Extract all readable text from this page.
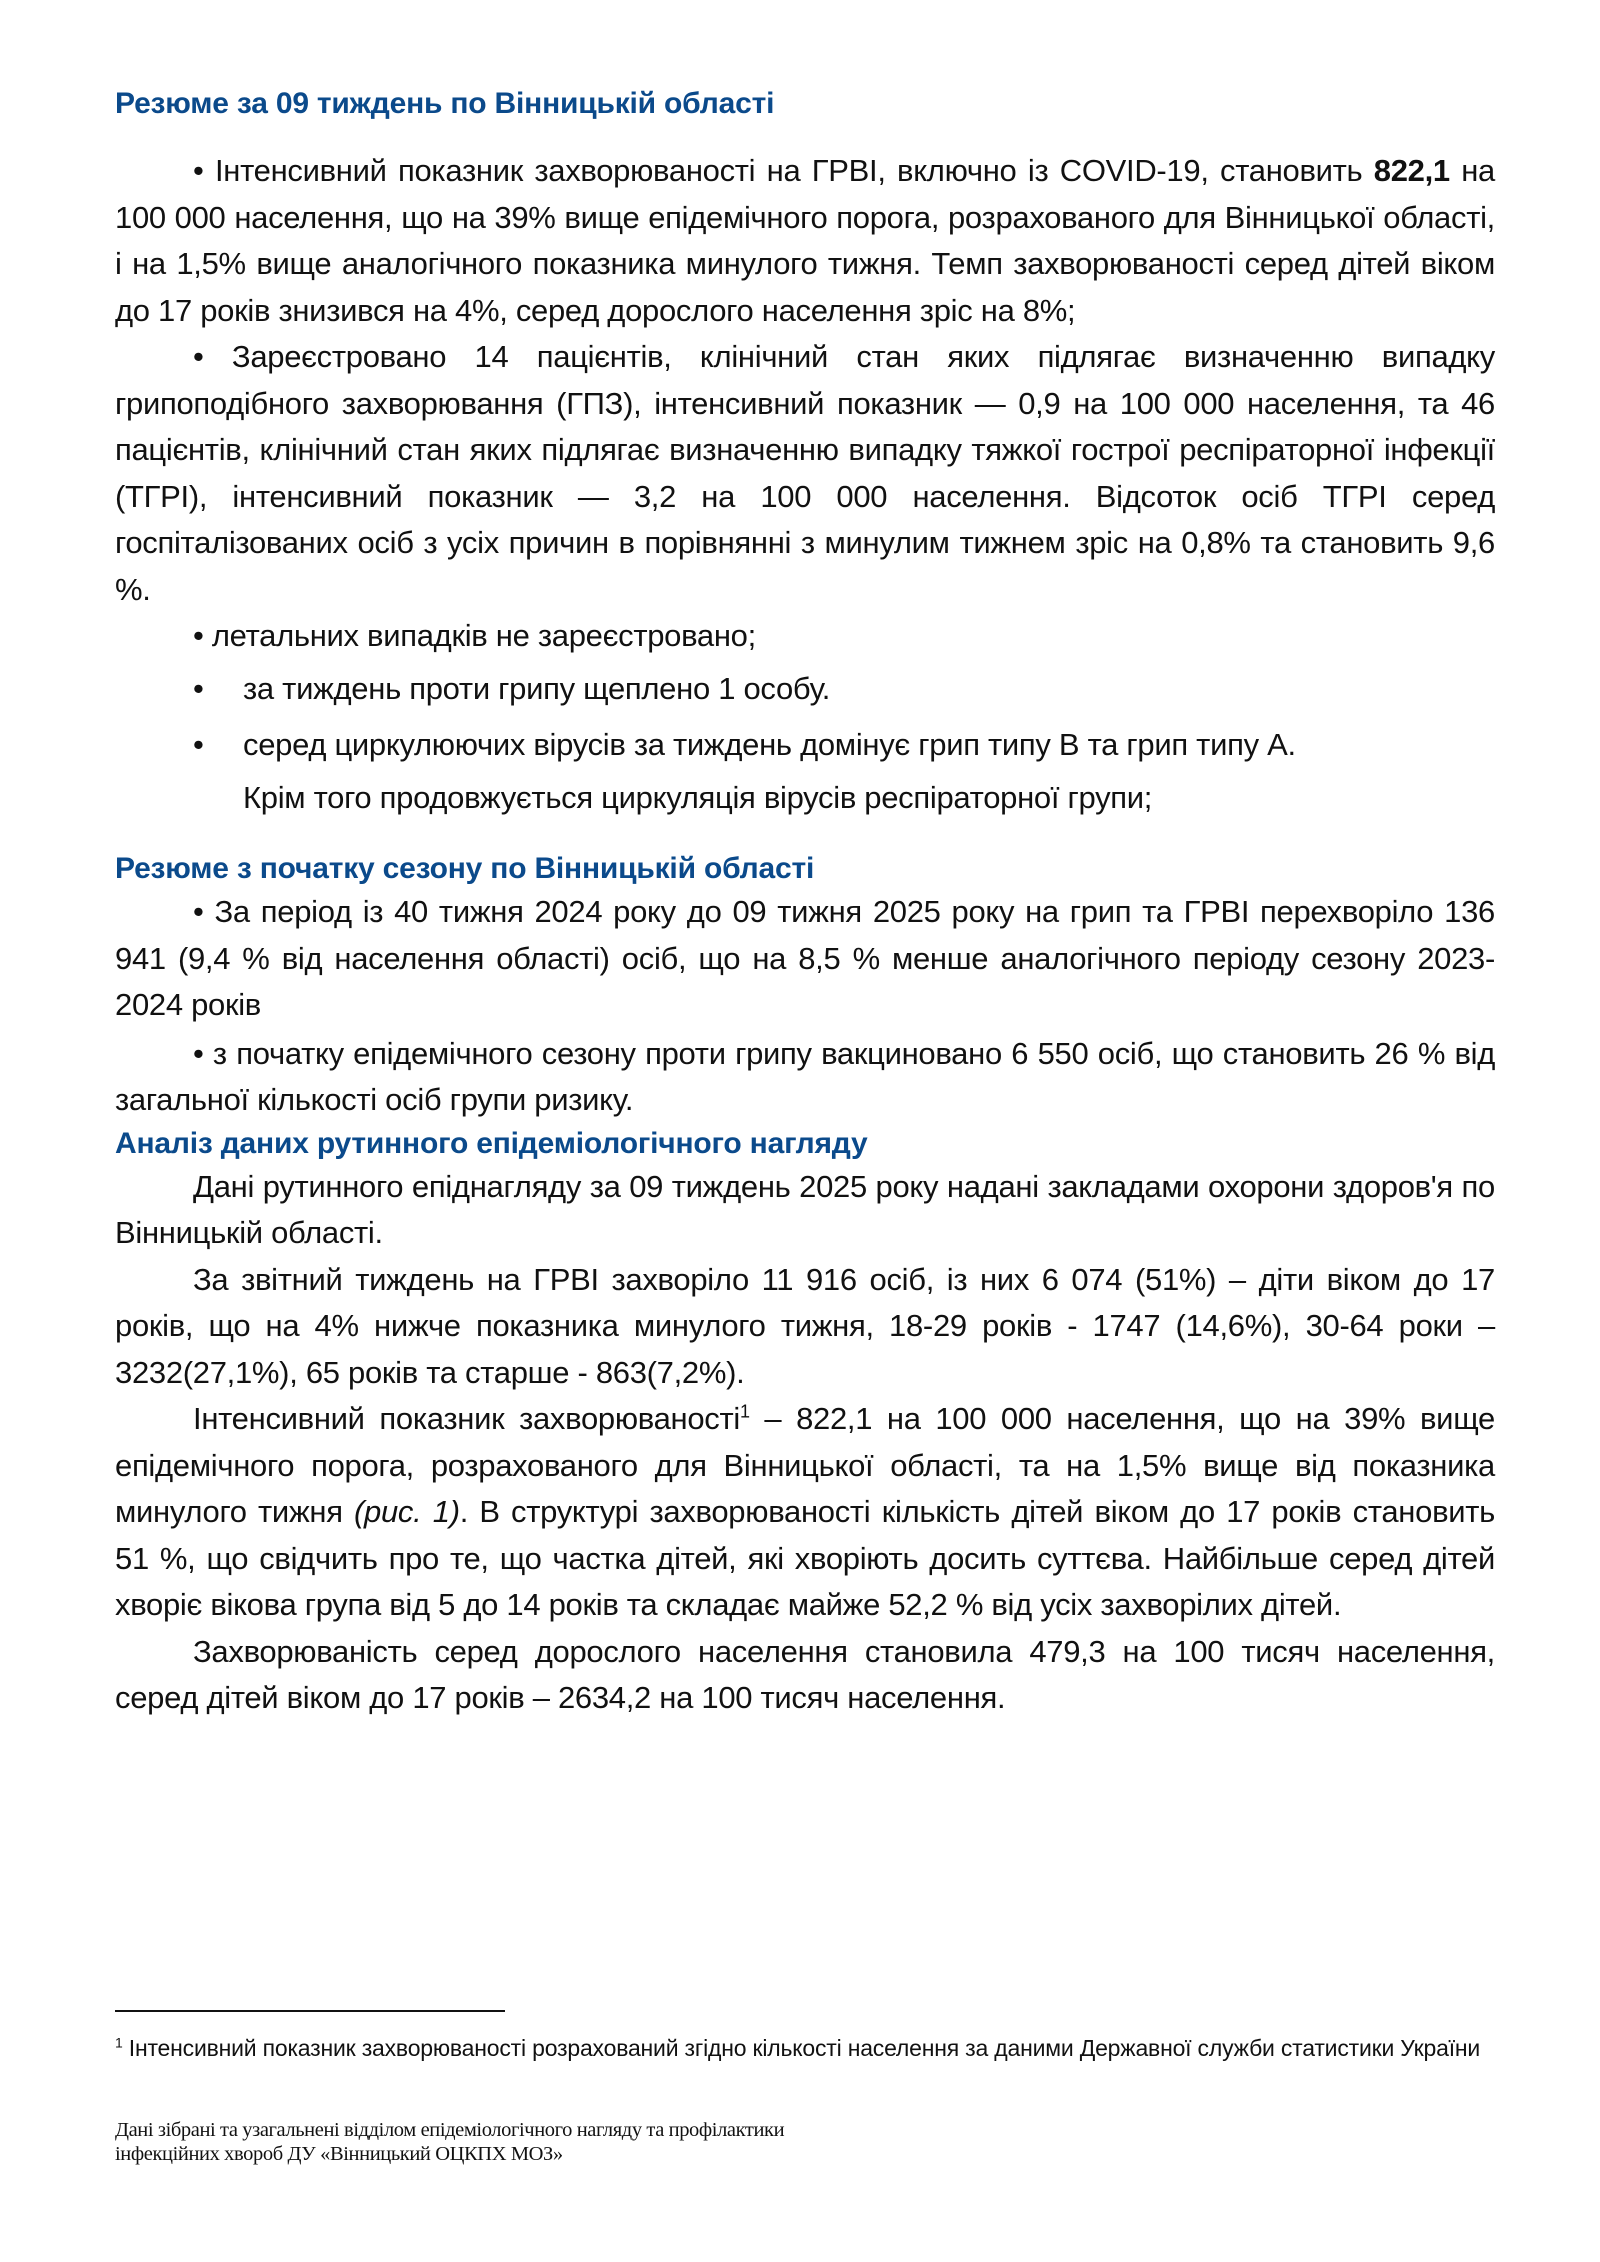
Резюме за 09 тиждень по Вінницькій області

• Інтенсивний показник захворюваності на ГРВІ, включно із COVID-19, становить 822,1 на 100 000 населення, що на 39% вище епідемічного порога, розрахованого для Вінницької області, і на 1,5% вище аналогічного показника минулого тижня. Темп захворюваності серед дітей віком до 17 років знизився на 4%, серед дорослого населення зріс на 8%;

• Зареєстровано 14 пацієнтів, клінічний стан яких підлягає визначенню випадку грипоподібного захворювання (ГПЗ), інтенсивний показник — 0,9 на 100 000 населення, та 46 пацієнтів, клінічний стан яких підлягає визначенню випадку тяжкої гострої респіраторної інфекції (ТГРІ), інтенсивний показник — 3,2 на 100 000 населення. Відсоток осіб ТГРІ серед госпіталізованих осіб з усіх причин в порівнянні з минулим тижнем зріс на 0,8% та становить 9,6 %.

• летальних випадків не зареєстровано;

•	за тиждень проти грипу щеплено 1 особу.
•	серед циркулюючих вірусів за тиждень домінує грип типу В та грип типу А.
Крім того продовжується циркуляція вірусів респіраторної групи;
Резюме з початку сезону по Вінницькій області

• За період із 40 тижня 2024 року до 09 тижня 2025 року на грип та ГРВІ перехворіло 136 941 (9,4 % від населення області) осіб, що на 8,5 % менше аналогічного періоду сезону 2023-2024 років

• з початку епідемічного сезону проти грипу вакциновано 6 550 осіб, що становить 26 % від загальної кількості осіб групи ризику.

Аналіз даних рутинного епідеміологічного нагляду

Дані рутинного епіднагляду за 09 тиждень 2025 року надані закладами охорони здоров'я по Вінницькій області.

За звітний тиждень на ГРВІ захворіло 11 916 осіб, із них 6 074 (51%) – діти віком до 17 років, що на 4% нижче показника минулого тижня, 18-29 років - 1747 (14,6%), 30-64 роки – 3232(27,1%), 65 років та старше - 863(7,2%).

Інтенсивний показник захворюваності$^1$ – 822,1 на 100 000 населення, що на 39% вище епідемічного порога, розрахованого для Вінницької області, та на 1,5% вище від показника минулого тижня (рис. 1). В структурі захворюваності кількість дітей віком до 17 років становить 51 %, що свідчить про те, що частка дітей, які хворіють досить суттєва. Найбільше серед дітей хворіє вікова група від 5 до 14 років та складає майже 52,2 % від усіх захворілих дітей.

Захворюваність серед дорослого населення становила 479,3 на 100 тисяч населення, серед дітей віком до 17 років – 2634,2 на 100 тисяч населення.

$^1$ Інтенсивний показник захворюваності розрахований згідно кількості населення за даними Державної служби статистики України
Дані зібрані та узагальнені відділом епідеміологічного нагляду та профілактики
інфекційних хвороб ДУ «Вінницький ОЦКПХ МОЗ»
